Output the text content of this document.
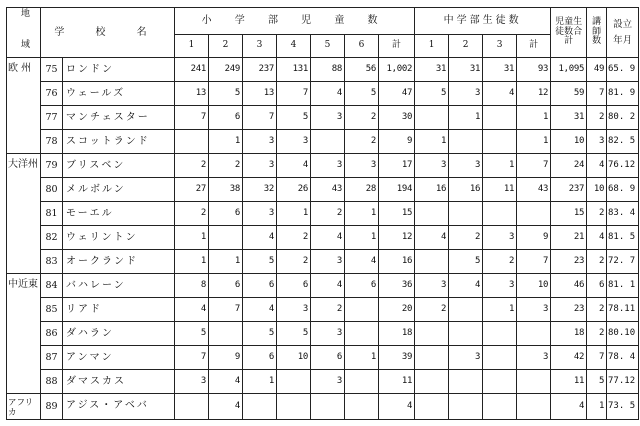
地 域	学 校 名		小 学 部 児 童 数							中学部生徒数				児童生徒数合計	講師数	設立年月

			1	2	3	4	5	6	計	1	2	3	計			
欧 州	75	ロンドン	241	249	237	131	88	56	1,002	31	31	31	93	1,095	49	65. 9
	76	ウェールズ	13	5	13	7	4	5	47	5	3	4	12	59	7	81. 9
	77	マンチェスター	7	6	7	5	3	2	30		1		1	31	2	80. 2
	78	スコットランド		1	3	3		2	9	1			1	10	3	82. 5
大洋州	79	ブリスベン	2	2	3	4	3	3	17	3	3	1	7	24	4	76.12
	80	メルボルン	27	38	32	26	43	28	194	16	16	11	43	237	10	68. 9
	81	モーエル	2	6	3	1	2	1	15					15	2	83. 4
	82	ウェリントン	1		4	2	4	1	12	4	2	3	9	21	4	81. 5
	83	オークランド	1	1	5	2	3	4	16		5	2	7	23	2	72. 7
中近東	84	バハレーン	8	6	6	6	4	6	36	3	4	3	10	46	6	81. 1
	85	リアド	4	7	4	3	2		20	2		1	3	23	2	78.11
	86	ダハラン	5		5	5	3		18					18	2	80.10
	87	アンマン	7	9	6	10	6	1	39		3		3	42	7	78. 4
	88	ダマスカス	3	4	1		3		11					11	5	77.12
アフリカ	89	アジス・アベバ		4					4					4	1	73. 5
